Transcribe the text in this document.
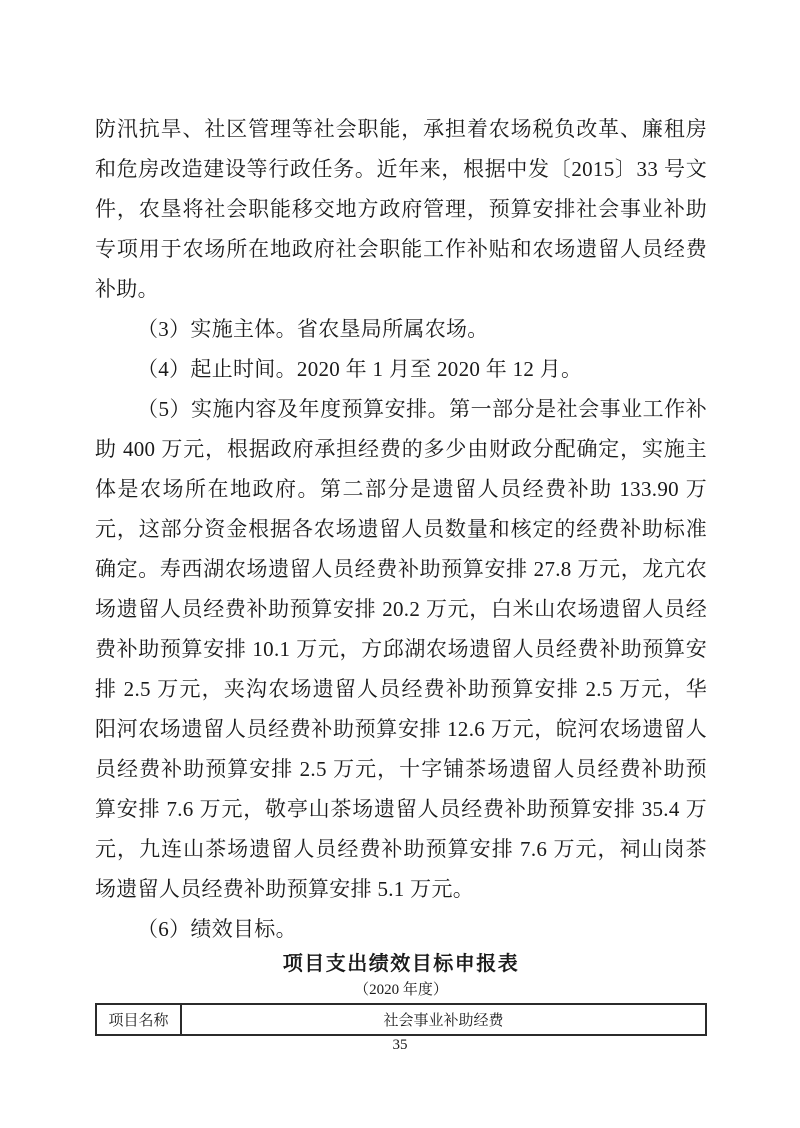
防汛抗旱、社区管理等社会职能，承担着农场税负改革、廉租房
和危房改造建设等行政任务。近年来，根据中发〔2015〕33 号文
件，农垦将社会职能移交地方政府管理，预算安排社会事业补助
专项用于农场所在地政府社会职能工作补贴和农场遗留人员经费
补助。
（3）实施主体。省农垦局所属农场。
（4）起止时间。2020 年 1 月至 2020 年 12 月。
（5）实施内容及年度预算安排。第一部分是社会事业工作补
助 400 万元，根据政府承担经费的多少由财政分配确定，实施主
体是农场所在地政府。第二部分是遗留人员经费补助 133.90 万
元，这部分资金根据各农场遗留人员数量和核定的经费补助标准
确定。寿西湖农场遗留人员经费补助预算安排 27.8 万元，龙亢农
场遗留人员经费补助预算安排 20.2 万元，白米山农场遗留人员经
费补助预算安排 10.1 万元，方邱湖农场遗留人员经费补助预算安
排 2.5 万元，夹沟农场遗留人员经费补助预算安排 2.5 万元，华
阳河农场遗留人员经费补助预算安排 12.6 万元，皖河农场遗留人
员经费补助预算安排 2.5 万元，十字铺茶场遗留人员经费补助预
算安排 7.6 万元，敬亭山茶场遗留人员经费补助预算安排 35.4 万
元，九连山茶场遗留人员经费补助预算安排 7.6 万元，祠山岗茶
场遗留人员经费补助预算安排 5.1 万元。
（6）绩效目标。
项目支出绩效目标申报表
（2020 年度）
项目名称	社会事业补助经费
35
